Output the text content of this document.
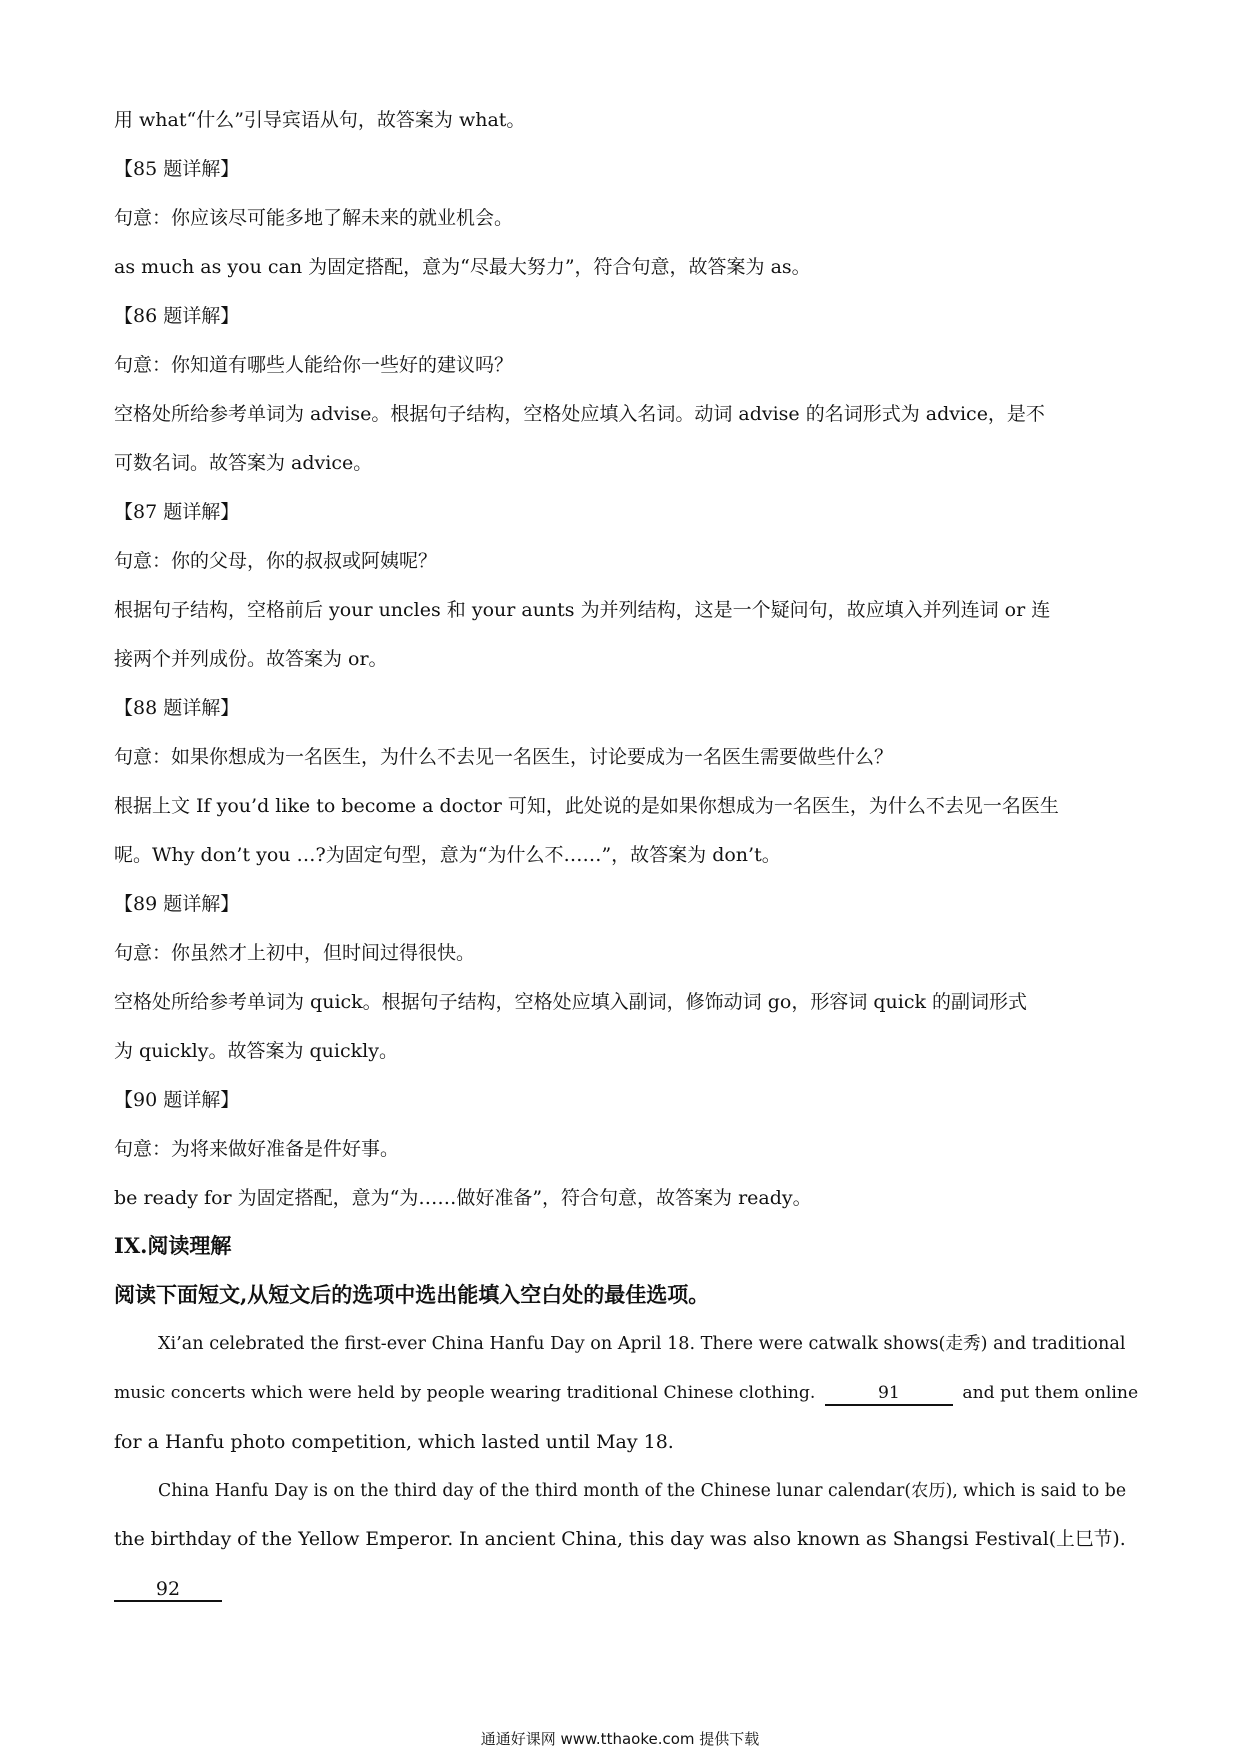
用 what“什么”引导宾语从句，故答案为 what。
【85 题详解】
句意：你应该尽可能多地了解未来的就业机会。
as much as you can 为固定搭配，意为“尽最大努力”，符合句意，故答案为 as。
【86 题详解】
句意：你知道有哪些人能给你一些好的建议吗？
空格处所给参考单词为 advise。根据句子结构，空格处应填入名词。动词 advise 的名词形式为 advice，是不
可数名词。故答案为 advice。
【87 题详解】
句意：你的父母，你的叔叔或阿姨呢？
根据句子结构，空格前后 your uncles 和 your aunts 为并列结构，这是一个疑问句，故应填入并列连词 or 连
接两个并列成份。故答案为 or。
【88 题详解】
句意：如果你想成为一名医生，为什么不去见一名医生，讨论要成为一名医生需要做些什么？
根据上文 If you’d like to become a doctor 可知，此处说的是如果你想成为一名医生，为什么不去见一名医生
呢。Why don’t you …?为固定句型，意为“为什么不……”，故答案为 don’t。
【89 题详解】
句意：你虽然才上初中，但时间过得很快。
空格处所给参考单词为 quick。根据句子结构，空格处应填入副词，修饰动词 go，形容词 quick 的副词形式
为 quickly。故答案为 quickly。
【90 题详解】
句意：为将来做好准备是件好事。
be ready for 为固定搭配，意为“为……做好准备”，符合句意，故答案为 ready。
IX.阅读理解
阅读下面短文,从短文后的选项中选出能填入空白处的最佳选项。
Xi’an celebrated the first-ever China Hanfu Day on April 18. There were catwalk shows(走秀) and traditional
music concerts which were held by people wearing traditional Chinese clothing.	91	and put them online
for a Hanfu photo competition, which lasted until May 18.
China Hanfu Day is on the third day of the third month of the Chinese lunar calendar(农历), which is said to be
the birthday of the Yellow Emperor. In ancient China, this day was also known as Shangsi Festival(上巳节).
92
通通好课网 www.tthaoke.com 提供下载
